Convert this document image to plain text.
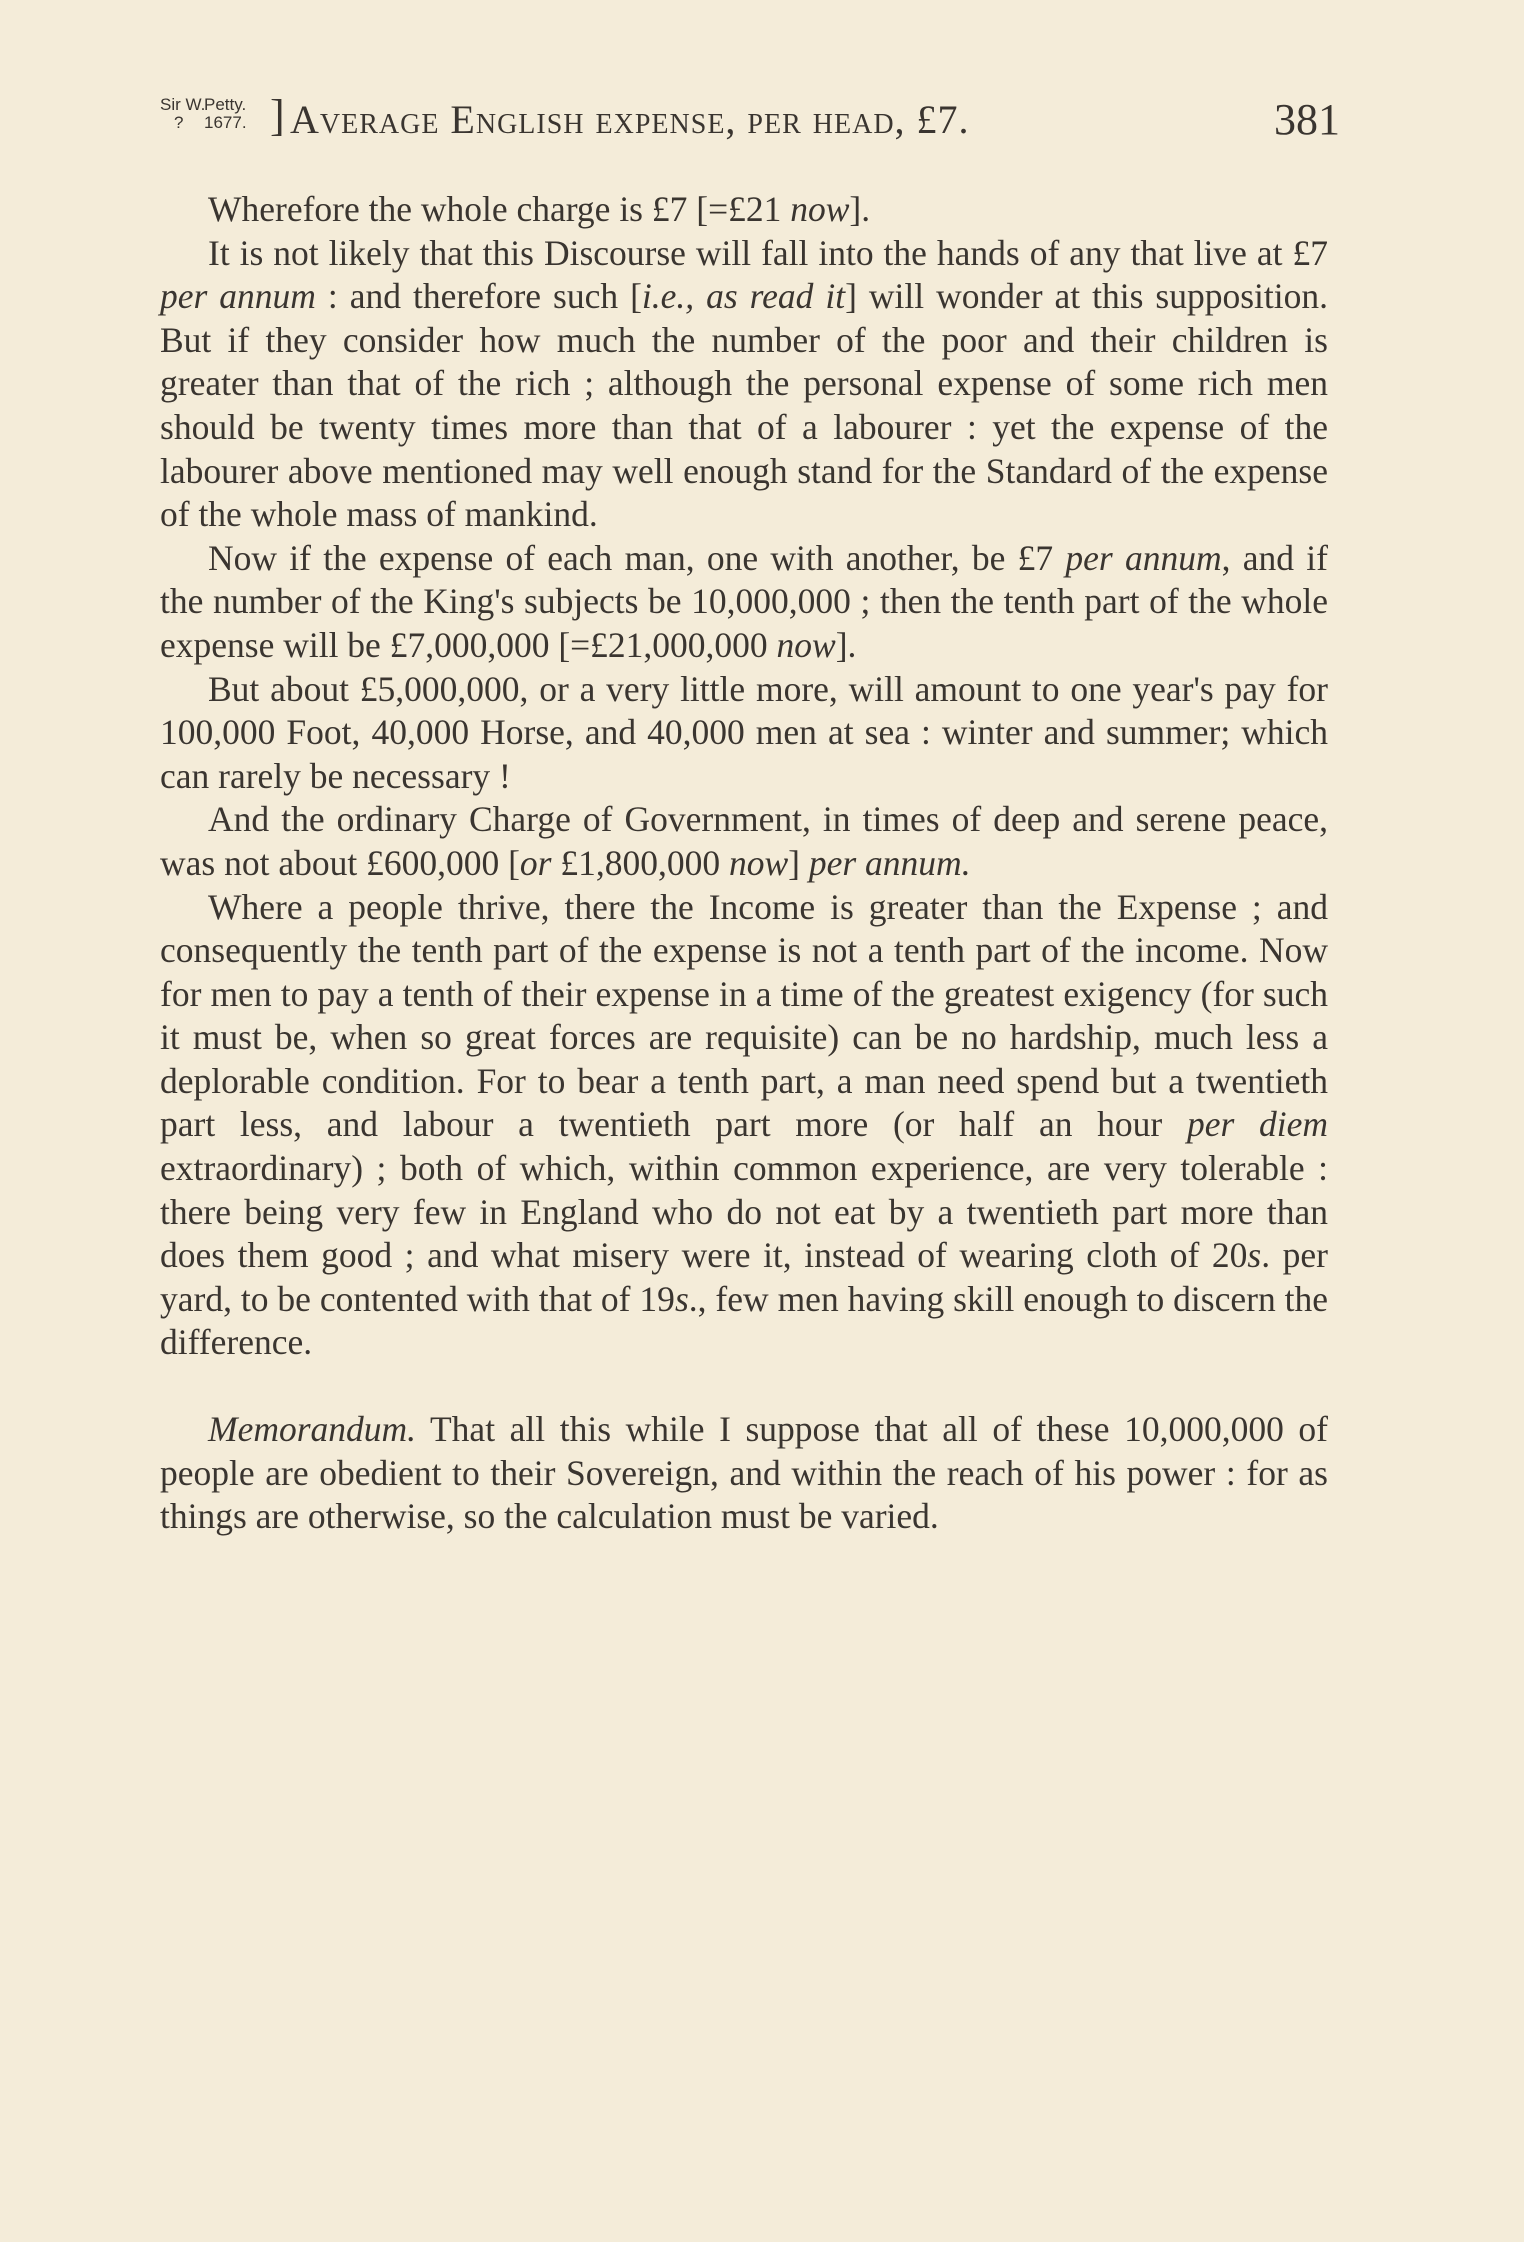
Sir W.
Petty.
? 1677. ] Average English expense, per head, £7.	381

Wherefore the whole charge is £7 [=£21 now].

It is not likely that this Discourse will fall into the hands of any that live at £7 per annum : and therefore such [i.e., as read it] will wonder at this supposition. But if they consider how much the number of the poor and their children is greater than that of the rich ; although the personal expense of some rich men should be twenty times more than that of a labourer : yet the expense of the labourer above mentioned may well enough stand for the Standard of the expense of the whole mass of mankind.

Now if the expense of each man, one with another, be £7 per annum, and if the number of the King's subjects be 10,000,000 ; then the tenth part of the whole expense will be £7,000,000 [=£21,000,000 now].

But about £5,000,000, or a very little more, will amount to one year's pay for 100,000 Foot, 40,000 Horse, and 40,000 men at sea : winter and summer; which can rarely be necessary !

And the ordinary Charge of Government, in times of deep and serene peace, was not about £600,000 [or £1,800,000 now] per annum.

Where a people thrive, there the Income is greater than the Expense ; and consequently the tenth part of the expense is not a tenth part of the income. Now for men to pay a tenth of their expense in a time of the greatest exigency (for such it must be, when so great forces are requisite) can be no hardship, much less a deplorable condition. For to bear a tenth part, a man need spend but a twentieth part less, and labour a twentieth part more (or half an hour per diem extraordinary) ; both of which, within common experience, are very tolerable : there being very few in England who do not eat by a twentieth part more than does them good ; and what misery were it, instead of wearing cloth of 20s. per yard, to be contented with that of 19s., few men having skill enough to discern the difference.

Memorandum. That all this while I suppose that all of these 10,000,000 of people are obedient to their Sovereign, and within the reach of his power : for as things are otherwise, so the calculation must be varied.
